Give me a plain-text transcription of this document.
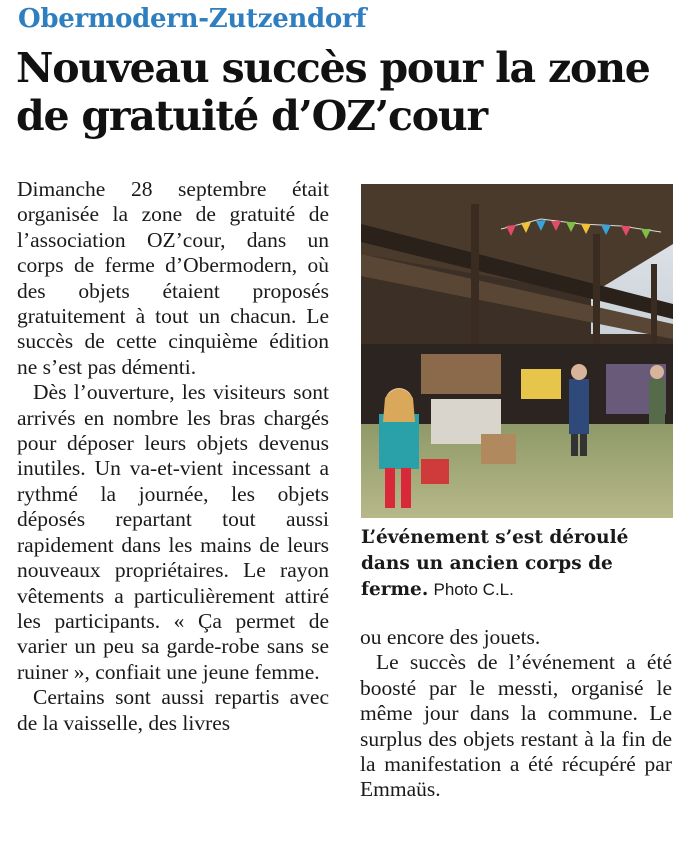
Obermodern-Zutzendorf
Nouveau succès pour la zone de gratuité d’OZ’cour

Dimanche 28 septembre était organisée la zone de gratuité de l’association OZ’cour, dans un corps de ferme d’Obermodern, où des objets étaient proposés gratuitement à tout un chacun. Le succès de cette cinquième édition ne s’est pas démenti.

Dès l’ouverture, les visiteurs sont arrivés en nombre les bras chargés pour déposer leurs objets devenus inutiles. Un va-et-vient incessant a rythmé la journée, les objets déposés repartant tout aussi rapidement dans les mains de leurs nouveaux propriétaires. Le rayon vêtements a particulièrement attiré les participants. « Ça permet de varier un peu sa garde-robe sans se ruiner », confiait une jeune femme.

Certains sont aussi repartis avec de la vaisselle, des livres

L’événement s’est déroulé dans un ancien corps de ferme. Photo C.L.

ou encore des jouets.

Le succès de l’événement a été boosté par le messti, organisé le même jour dans la commune. Le surplus des objets restant à la fin de la manifestation a été récupéré par Emmaüs.
